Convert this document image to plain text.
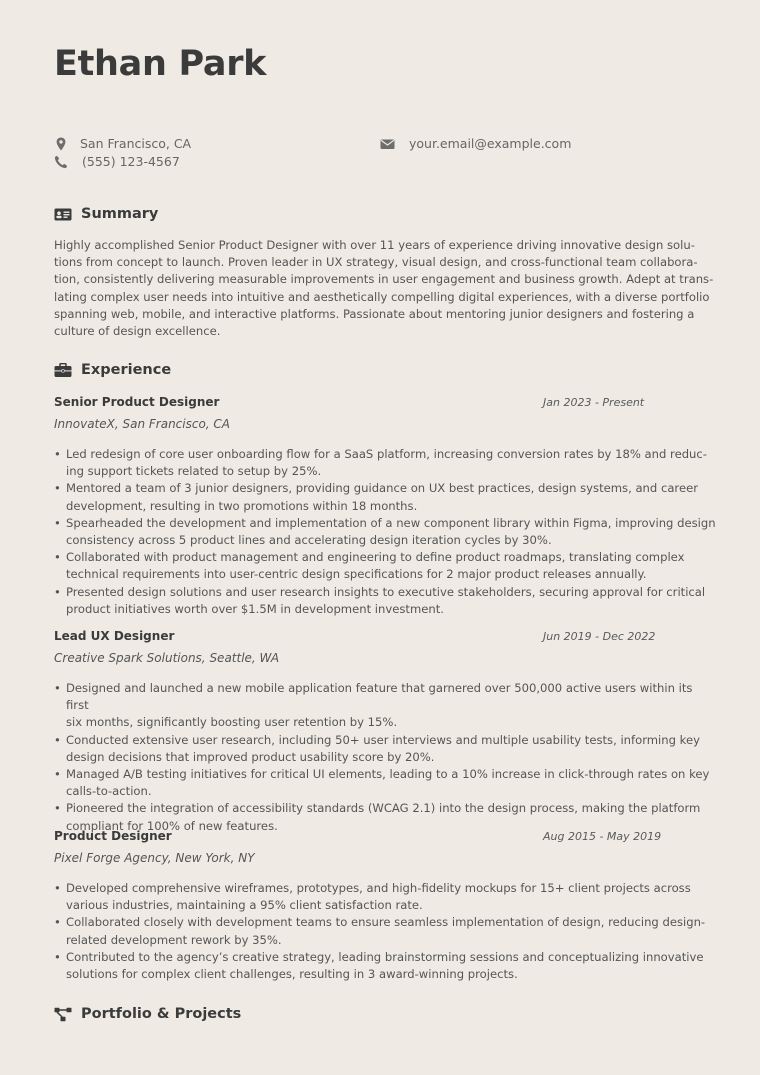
Ethan Park
San Francisco, CA
(555) 123-4567
your.email@example.com
Summary
Highly accomplished Senior Product Designer with over 11 years of experience driving innovative design solu-
tions from concept to launch. Proven leader in UX strategy, visual design, and cross-functional team collabora-
tion, consistently delivering measurable improvements in user engagement and business growth. Adept at trans-
lating complex user needs into intuitive and aesthetically compelling digital experiences, with a diverse portfolio
spanning web, mobile, and interactive platforms. Passionate about mentoring junior designers and fostering a
culture of design excellence.
Experience
Senior Product Designer	Jan 2023 - Present
InnovateX, San Francisco, CA
• Led redesign of core user onboarding flow for a SaaS platform, increasing conversion rates by 18% and reduc-
ing support tickets related to setup by 25%.
• Mentored a team of 3 junior designers, providing guidance on UX best practices, design systems, and career
development, resulting in two promotions within 18 months.
• Spearheaded the development and implementation of a new component library within Figma, improving design
consistency across 5 product lines and accelerating design iteration cycles by 30%.
• Collaborated with product management and engineering to define product roadmaps, translating complex
technical requirements into user-centric design specifications for 2 major product releases annually.
• Presented design solutions and user research insights to executive stakeholders, securing approval for critical
product initiatives worth over $1.5M in development investment.
Lead UX Designer	Jun 2019 - Dec 2022
Creative Spark Solutions, Seattle, WA
• Designed and launched a new mobile application feature that garnered over 500,000 active users within its first
six months, significantly boosting user retention by 15%.
• Conducted extensive user research, including 50+ user interviews and multiple usability tests, informing key
design decisions that improved product usability score by 20%.
• Managed A/B testing initiatives for critical UI elements, leading to a 10% increase in click-through rates on key
calls-to-action.
• Pioneered the integration of accessibility standards (WCAG 2.1) into the design process, making the platform
compliant for 100% of new features.
Product Designer	Aug 2015 - May 2019
Pixel Forge Agency, New York, NY
• Developed comprehensive wireframes, prototypes, and high-fidelity mockups for 15+ client projects across
various industries, maintaining a 95% client satisfaction rate.
• Collaborated closely with development teams to ensure seamless implementation of design, reducing design-
related development rework by 35%.
• Contributed to the agency’s creative strategy, leading brainstorming sessions and conceptualizing innovative
solutions for complex client challenges, resulting in 3 award-winning projects.
Portfolio & Projects
